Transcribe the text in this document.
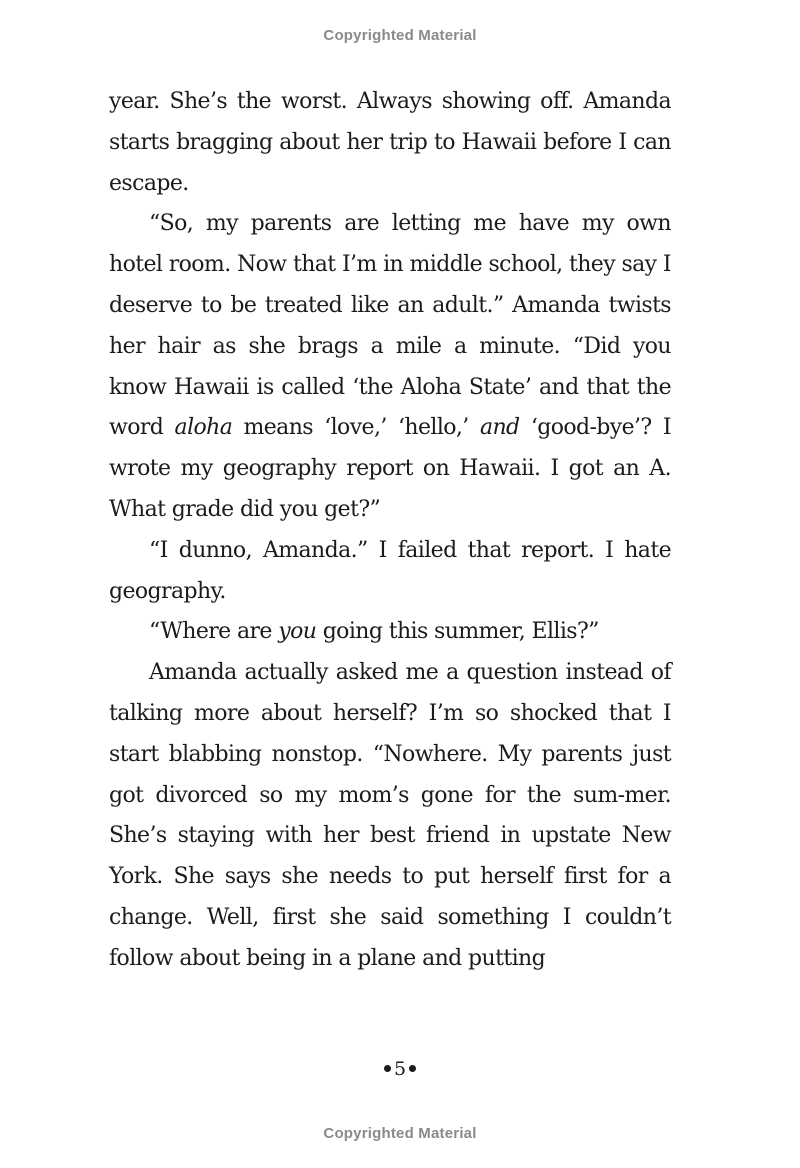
Copyrighted Material

year. She’s the worst. Always showing off. Amanda starts bragging about her trip to Hawaii before I can escape.

“So, my parents are letting me have my own hotel room. Now that I’m in middle school, they say I deserve to be treated like an adult.” Amanda twists her hair as she brags a mile a minute. “Did you know Hawaii is called ‘the Aloha State’ and that the word aloha means ‘love,’ ‘hello,’ and ‘good-bye’? I wrote my geography report on Hawaii. I got an A. What grade did you get?”

“I dunno, Amanda.” I failed that report. I hate geography.

“Where are you going this summer, Ellis?”

Amanda actually asked me a question instead of talking more about herself? I’m so shocked that I start blabbing nonstop. “Nowhere. My parents just got divorced so my mom’s gone for the sum-mer. She’s staying with her best friend in upstate New York. She says she needs to put herself first for a change. Well, first she said something I couldn’t follow about being in a plane and putting

5
Copyrighted Material
